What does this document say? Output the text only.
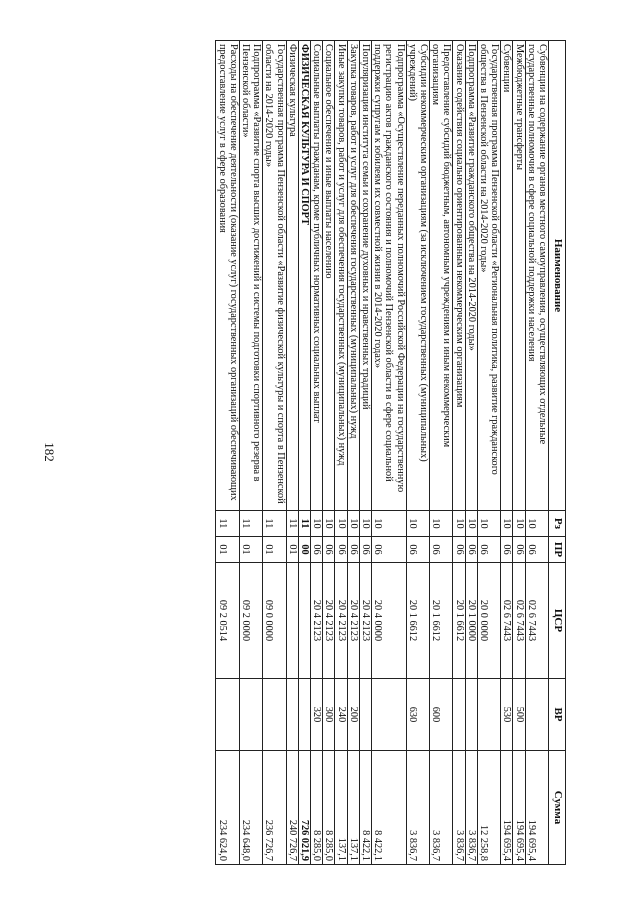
182
Наименование	Рз	ПР	ЦСР	ВР	Сумма
Субвенции на содержание органов местного самоуправления, осуществляющих отдельные государственные полномочия в сфере социальной поддержки населения	10	06	02 6 7443		194 695,4
Межбюджетные трансферты	10	06	02 6 7443	500	194 695,4
Субвенции	10	06	02 6 7443	530	194 695,4
Государственная программа Пензенской области «Региональная политика, развитие гражданского общества в Пензенской области на 2014-2020 годы»	10	06	20 0 0000		12 258,8
Подпрограмма «Развитие гражданского общества на 2014-2020 годы»	10	06	20 1 0000		3 836,7
Оказание содействия социально ориентированным некоммерческим организациям	10	06	20 1 6612		3 836,7
Предоставление субсидий бюджетным, автономным учреждениям и иным некоммерческим организациям	10	06	20 1 6612	600	3 836,7
Субсидии некоммерческим организациям (за исключением государственных (муниципальных) учреждений)	10	06	20 1 6612	630	3 836,7
Подпрограмма «Осуществление переданных полномочий Российской Федерации на государственную регистрацию актов гражданского состояния и полномочий Пензенской области в сфере социальной поддержки супругам к юбилеям их совместной жизни в 2014-2020 годах»	10	06	20 4 0000		8 422,1
Популяризация института семьи и сохранение духовных и нравственных традиций	10	06	20 4 2123		8 422,1
Закупка товаров, работ и услуг для обеспечения государственных (муниципальных) нужд	10	06	20 4 2123	200	137,1
Иные закупки товаров, работ и услуг для обеспечения государственных (муниципальных) нужд	10	06	20 4 2123	240	137,1
Социальное обеспечение и иные выплаты населению	10	06	20 4 2123	300	8 285,0
Социальные выплаты гражданам, кроме публичных нормативных социальных выплат	10	06	20 4 2123	320	8 285,0
ФИЗИЧЕСКАЯ КУЛЬТУРА И СПОРТ	11	00			726 021,9
Физическая культура	11	01			240 726,7
Государственная программа Пензенской области «Развитие физической культуры и спорта в Пензенской области на 2014-2020 годы»	11	01	09 0 0000		236 726,7
Подпрограмма «Развитие спорта высших достижений и системы подготовки спортивного резерва в Пензенской области»	11	01	09 2 0000		234 648,0
Расходы на обеспечение деятельности (оказание услуг) государственных организаций обеспечивающих предоставление услуг в сфере образования	11	01	09 2 0514		234 624,0
